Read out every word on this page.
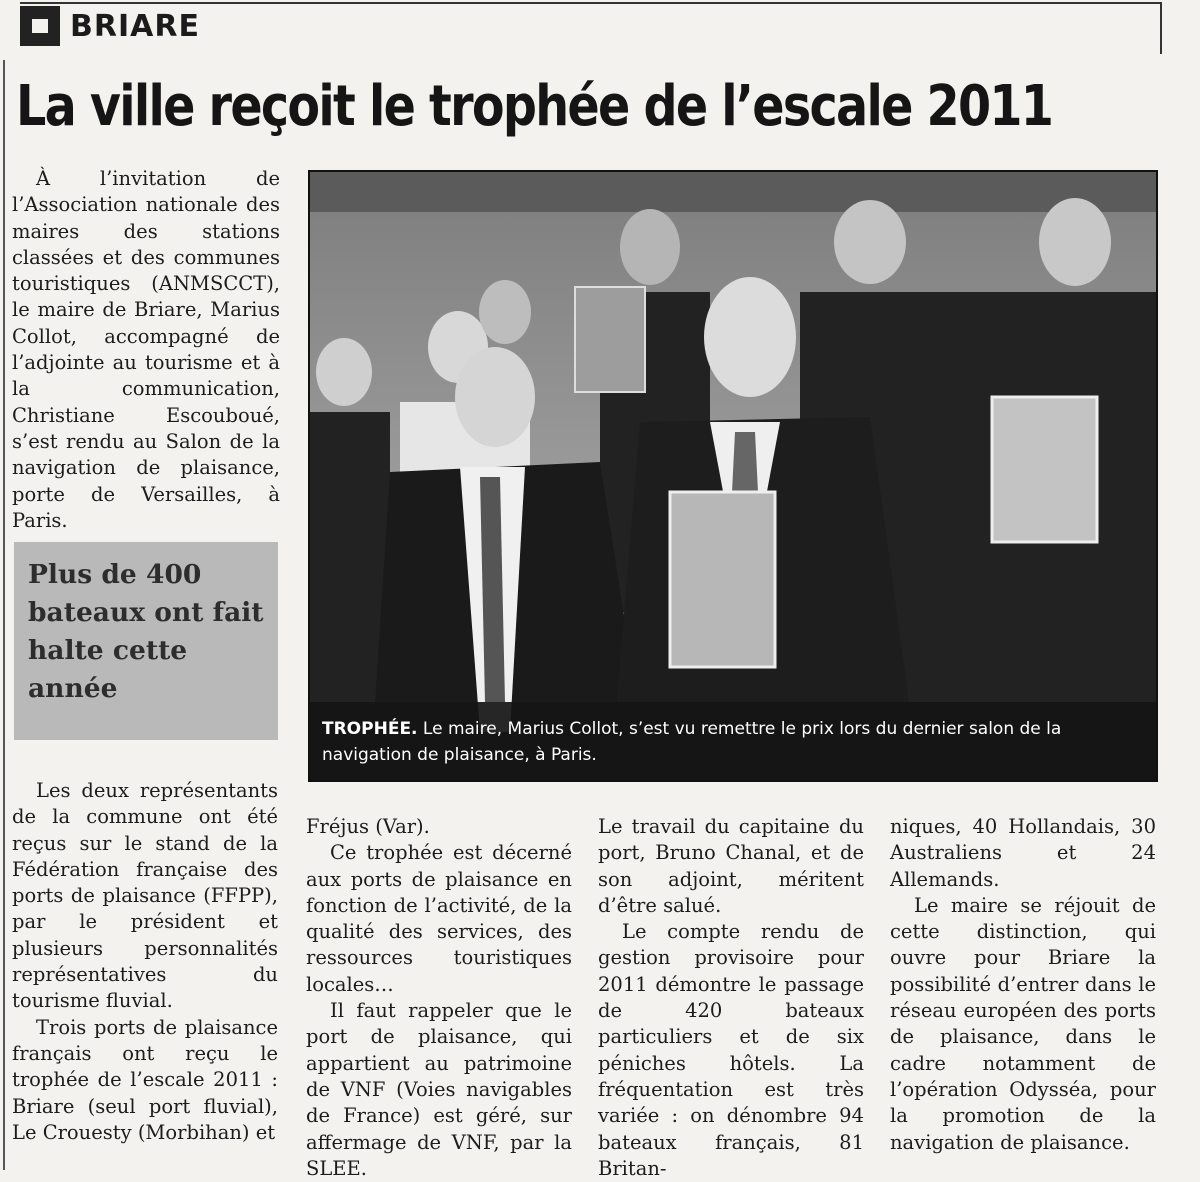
BRIARE
La ville reçoit le trophée de l’escale 2011

À l’invitation de l’Association nationale des maires des stations classées et des communes touristiques (ANMSCCT), le maire de Briare, Marius Collot, accompagné de l’adjointe au tourisme et à la communication, Christiane Escouboué, s’est rendu au Salon de la navigation de plaisance, porte de Versailles, à Paris.

Plus de 400 bateaux ont fait halte cette année
TROPHÉE. Le maire, Marius Collot, s’est vu remettre le prix lors du dernier salon de la navigation de plaisance, à Paris.

Les deux représentants de la commune ont été reçus sur le stand de la Fédération française des ports de plaisance (FFPP), par le président et plusieurs personnalités représentatives du tourisme fluvial.

Trois ports de plaisance français ont reçu le trophée de l’escale 2011 : Briare (seul port fluvial), Le Crouesty (Morbihan) et

Fréjus (Var).

Ce trophée est décerné aux ports de plaisance en fonction de l’activité, de la qualité des services, des ressources touristiques locales…

Il faut rappeler que le port de plaisance, qui appartient au patrimoine de VNF (Voies navigables de France) est géré, sur affermage de VNF, par la SLEE.

Le travail du capitaine du port, Bruno Chanal, et de son adjoint, méritent d’être salué.

Le compte rendu de gestion provisoire pour 2011 démontre le passage de 420 bateaux particuliers et de six péniches hôtels. La fréquentation est très variée : on dénombre 94 bateaux français, 81 Britan-

niques, 40 Hollandais, 30 Australiens et 24 Allemands.

Le maire se réjouit de cette distinction, qui ouvre pour Briare la possibilité d’entrer dans le réseau européen des ports de plaisance, dans le cadre notamment de l’opération Odysséa, pour la promotion de la navigation de plaisance.
